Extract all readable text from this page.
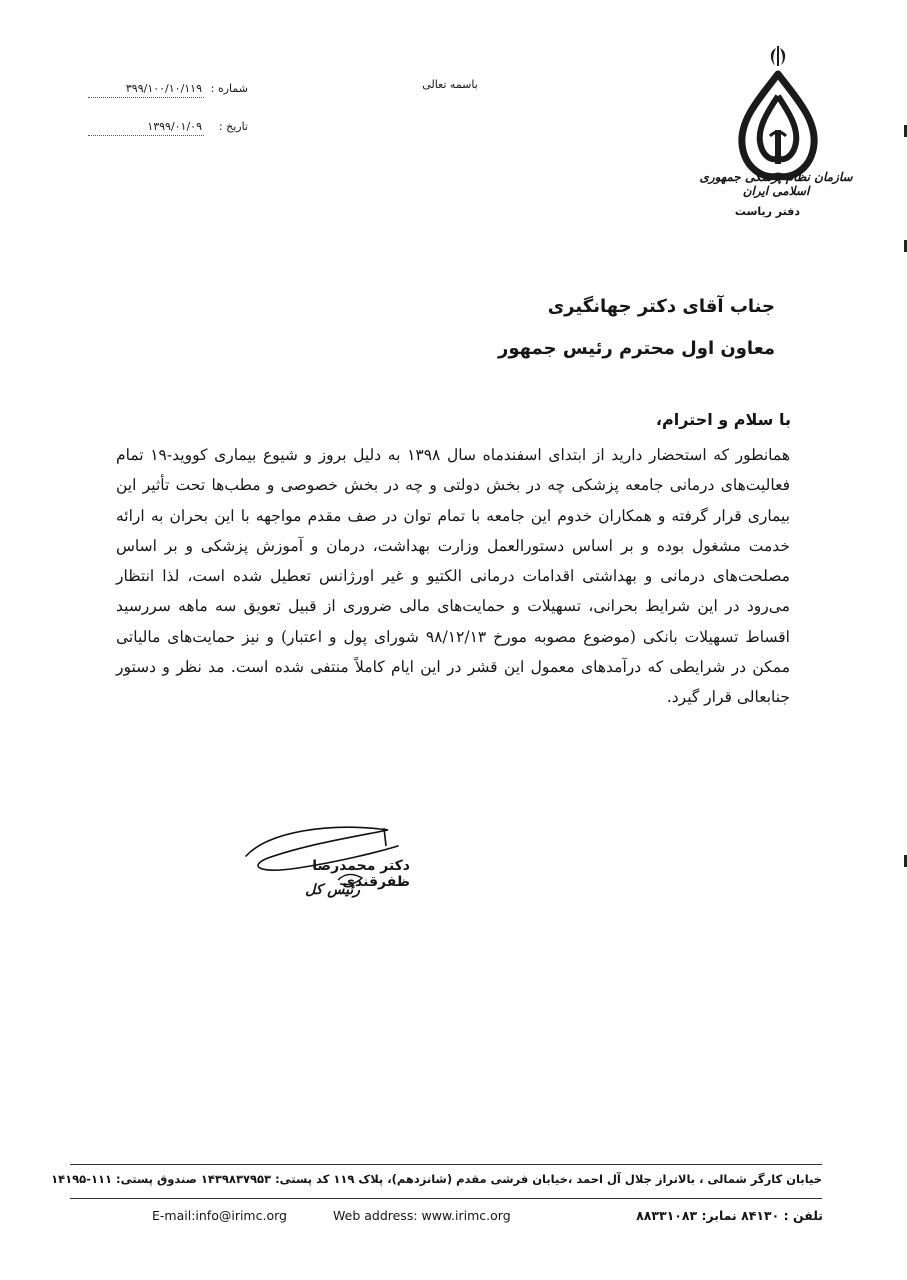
باسمه تعالی
شماره :
۳۹۹/۱۰۰/۱۰/۱۱۹
تاریخ :
۱۳۹۹/۰۱/۰۹
سازمان نظام پزشکی جمهوری اسلامی ایران
دفتر ریاست
جناب آقای دکتر جهانگیری
معاون اول محترم رئیس جمهور
با سلام و احترام،
همانطور که استحضار دارید از ابتدای اسفندماه سال ۱۳۹۸ به دلیل بروز و شیوع بیماری کووید-۱۹ تمام فعالیت‌های درمانی جامعه پزشکی چه در بخش دولتی و چه در بخش خصوصی و مطب‌ها تحت تأثیر این بیماری قرار گرفته و همکاران خدوم این جامعه با تمام توان در صف مقدم مواجهه با این بحران به ارائه خدمت مشغول بوده و بر اساس دستورالعمل وزارت بهداشت، درمان و آموزش پزشکی و بر اساس مصلحت‌های درمانی و بهداشتی اقدامات درمانی الکتیو و غیر اورژانس تعطیل شده است، لذا انتظار می‌رود در این شرایط بحرانی، تسهیلات و حمایت‌های مالی ضروری از قبیل تعویق سه ماهه سررسید اقساط تسهیلات بانکی (موضوع مصوبه مورخ ۹۸/۱۲/۱۳ شورای پول و اعتبار) و نیز حمایت‌های مالیاتی ممکن در شرایطی که درآمدهای معمول این قشر در این ایام کاملاً منتفی شده است. مد نظر و دستور جنابعالی قرار گیرد.
دکتر محمدرضا ظفرقندی
رئیس کل
خیابان کارگر شمالی ، بالاتراز جلال آل احمد ،خیابان فرشی مقدم (شانزدهم)، پلاک ۱۱۹ کد پستی: ۱۴۳۹۸۳۷۹۵۳ صندوق پستی: ۱۱۱-۱۴۱۹۵
تلفن : ۸۴۱۳۰ نمابر: ۸۸۳۳۱۰۸۳
Web address: www.irimc.org
E-mail:info@irimc.org
